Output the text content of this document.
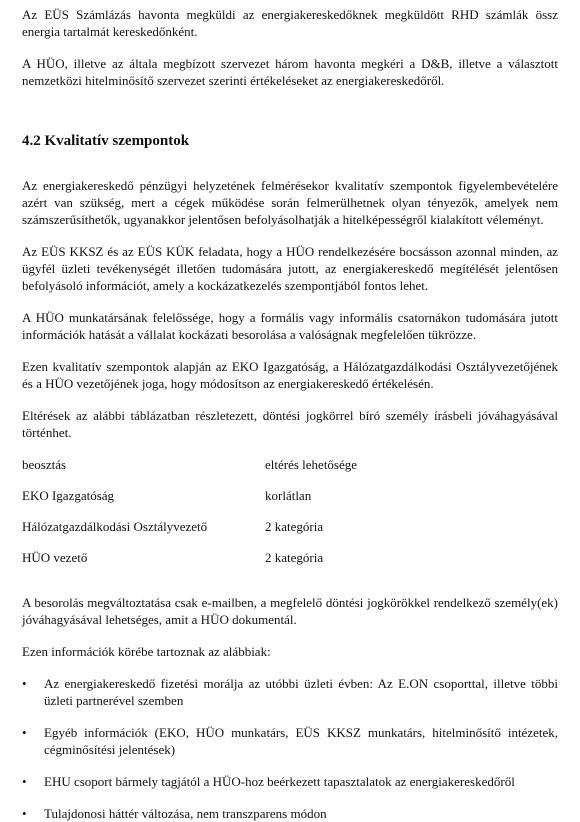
Az EÜS Számlázás havonta megküldi az energiakereskedőknek megküldött RHD számlák össz energia tartalmát kereskedőnként.

A HÜO, illetve az általa megbízott szervezet három havonta megkéri a D&B, illetve a választott nemzetközi hitelminősítő szervezet szerinti értékeléseket az energiakereskedőről.

4.2 Kvalitatív szempontok

Az energiakereskedő pénzügyi helyzetének felmérésekor kvalitatív szempontok figyelembevételére azért van szükség, mert a cégek működése során felmerülhetnek olyan tényezők, amelyek nem számszerűsíthetők, ugyanakkor jelentősen befolyásolhatják a hitelképességről kialakított véleményt.

Az EÜS KKSZ és az EÜS KÜK feladata, hogy a HÜO rendelkezésére bocsásson azonnal minden, az ügyfél üzleti tevékenységét illetően tudomására jutott, az energiakereskedő megítélését jelentősen befolyásoló információt, amely a kockázatkezelés szempontjából fontos lehet.

A HÜO munkatársának felelőssége, hogy a formális vagy informális csatornákon tudomására jutott információk hatását a vállalat kockázati besorolása a valóságnak megfelelően tükrözze.

Ezen kvalitatív szempontok alapján az EKO Igazgatóság, a Hálózatgazdálkodási Osztályvezetőjének és a HÜO vezetőjének joga, hogy módosítson az energiakereskedő értékelésén.

Eltérések az alábbi táblázatban részletezett, döntési jogkörrel bíró személy írásbeli jóváhagyásával történhet.

beosztás	eltérés lehetősége
EKO Igazgatóság	korlátlan
Hálózatgazdálkodási Osztályvezető	2 kategória
HÜO vezető	2 kategória

A besorolás megváltoztatása csak e-mailben, a megfelelő döntési jogkörökkel rendelkező személy(ek) jóváhagyásával lehetséges, amit a HÜO dokumentál.

Ezen információk körébe tartoznak az alábbiak:

• Az energiakereskedő fizetési morálja az utóbbi üzleti évben: Az E.ON csoporttal, illetve többi üzleti partnerével szemben
• Egyéb információk (EKO, HÜO munkatárs, EÜS KKSZ munkatárs, hitelminősítő intézetek, cégminősítési jelentések)
• EHU csoport bármely tagjától a HÜO-hoz beérkezett tapasztalatok az energiakereskedőről
• Tulajdonosi háttér változása, nem transzparens módon
